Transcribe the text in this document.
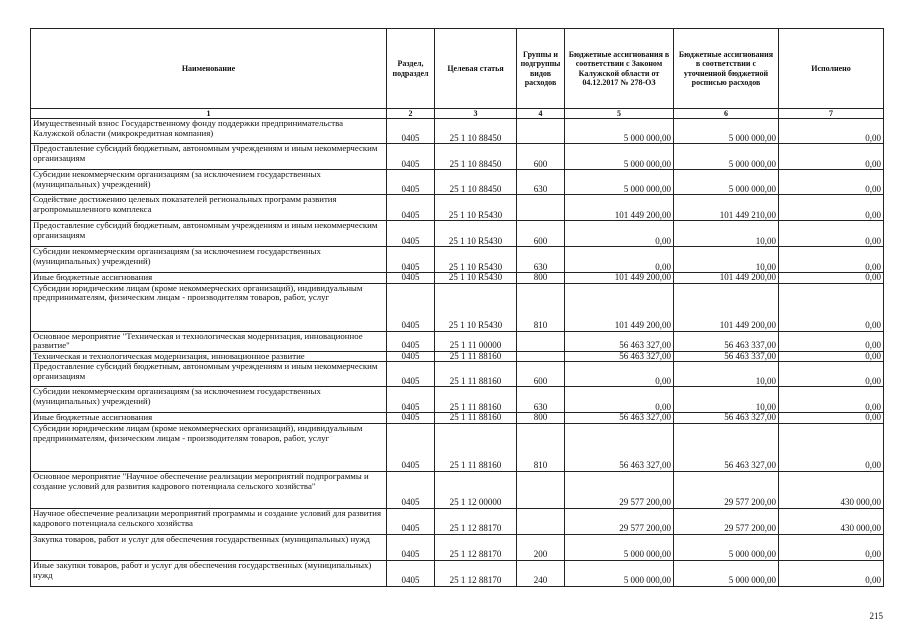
Наименование	Раздел, подраздел	Целевая статья	Группы и подгруппы видов расходов	Бюджетные ассигнования в соответствии с Законом Калужской области от 04.12.2017 № 278-ОЗ	Бюджетные ассигнования в соответствии с уточненной бюджетной росписью расходов	Исполнено
1	2	3	4	5	6	7
Имущественный взнос Государственному фонду поддержки предпринимательства Калужской области (микрокредитная компания)	0405	25 1 10 88450		5 000 000,00	5 000 000,00	0,00
Предоставление субсидий бюджетным, автономным учреждениям и иным некоммерческим организациям	0405	25 1 10 88450	600	5 000 000,00	5 000 000,00	0,00
Субсидии некоммерческим организациям (за исключением государственных (муниципальных) учреждений)	0405	25 1 10 88450	630	5 000 000,00	5 000 000,00	0,00
Содействие достижению целевых показателей региональных программ развития агропромышленного комплекса	0405	25 1 10 R5430		101 449 200,00	101 449 210,00	0,00
Предоставление субсидий бюджетным, автономным учреждениям и иным некоммерческим организациям	0405	25 1 10 R5430	600	0,00	10,00	0,00
Субсидии некоммерческим организациям (за исключением государственных (муниципальных) учреждений)	0405	25 1 10 R5430	630	0,00	10,00	0,00
Иные бюджетные ассигнования	0405	25 1 10 R5430	800	101 449 200,00	101 449 200,00	0,00
Субсидии юридическим лицам (кроме некоммерческих организаций), индивидуальным предпринимателям, физическим лицам - производителям товаров, работ, услуг	0405	25 1 10 R5430	810	101 449 200,00	101 449 200,00	0,00
Основное мероприятие "Техническая и технологическая модернизация, инновационное развитие"	0405	25 1 11 00000		56 463 327,00	56 463 337,00	0,00
Техническая и технологическая модернизация, инновационное развитие	0405	25 1 11 88160		56 463 327,00	56 463 337,00	0,00
Предоставление субсидий бюджетным, автономным учреждениям и иным некоммерческим организациям	0405	25 1 11 88160	600	0,00	10,00	0,00
Субсидии некоммерческим организациям (за исключением государственных (муниципальных) учреждений)	0405	25 1 11 88160	630	0,00	10,00	0,00
Иные бюджетные ассигнования	0405	25 1 11 88160	800	56 463 327,00	56 463 327,00	0,00
Субсидии юридическим лицам (кроме некоммерческих организаций), индивидуальным предпринимателям, физическим лицам - производителям товаров, работ, услуг	0405	25 1 11 88160	810	56 463 327,00	56 463 327,00	0,00
Основное мероприятие "Научное обеспечение реализации мероприятий подпрограммы и создание условий для развития кадрового потенциала сельского хозяйства"	0405	25 1 12 00000		29 577 200,00	29 577 200,00	430 000,00
Научное обеспечение реализации мероприятий программы и создание условий для развития кадрового потенциала сельского хозяйства	0405	25 1 12 88170		29 577 200,00	29 577 200,00	430 000,00
Закупка товаров, работ и услуг для обеспечения государственных (муниципальных) нужд	0405	25 1 12 88170	200	5 000 000,00	5 000 000,00	0,00
Иные закупки товаров, работ и услуг для обеспечения государственных (муниципальных) нужд	0405	25 1 12 88170	240	5 000 000,00	5 000 000,00	0,00
215
